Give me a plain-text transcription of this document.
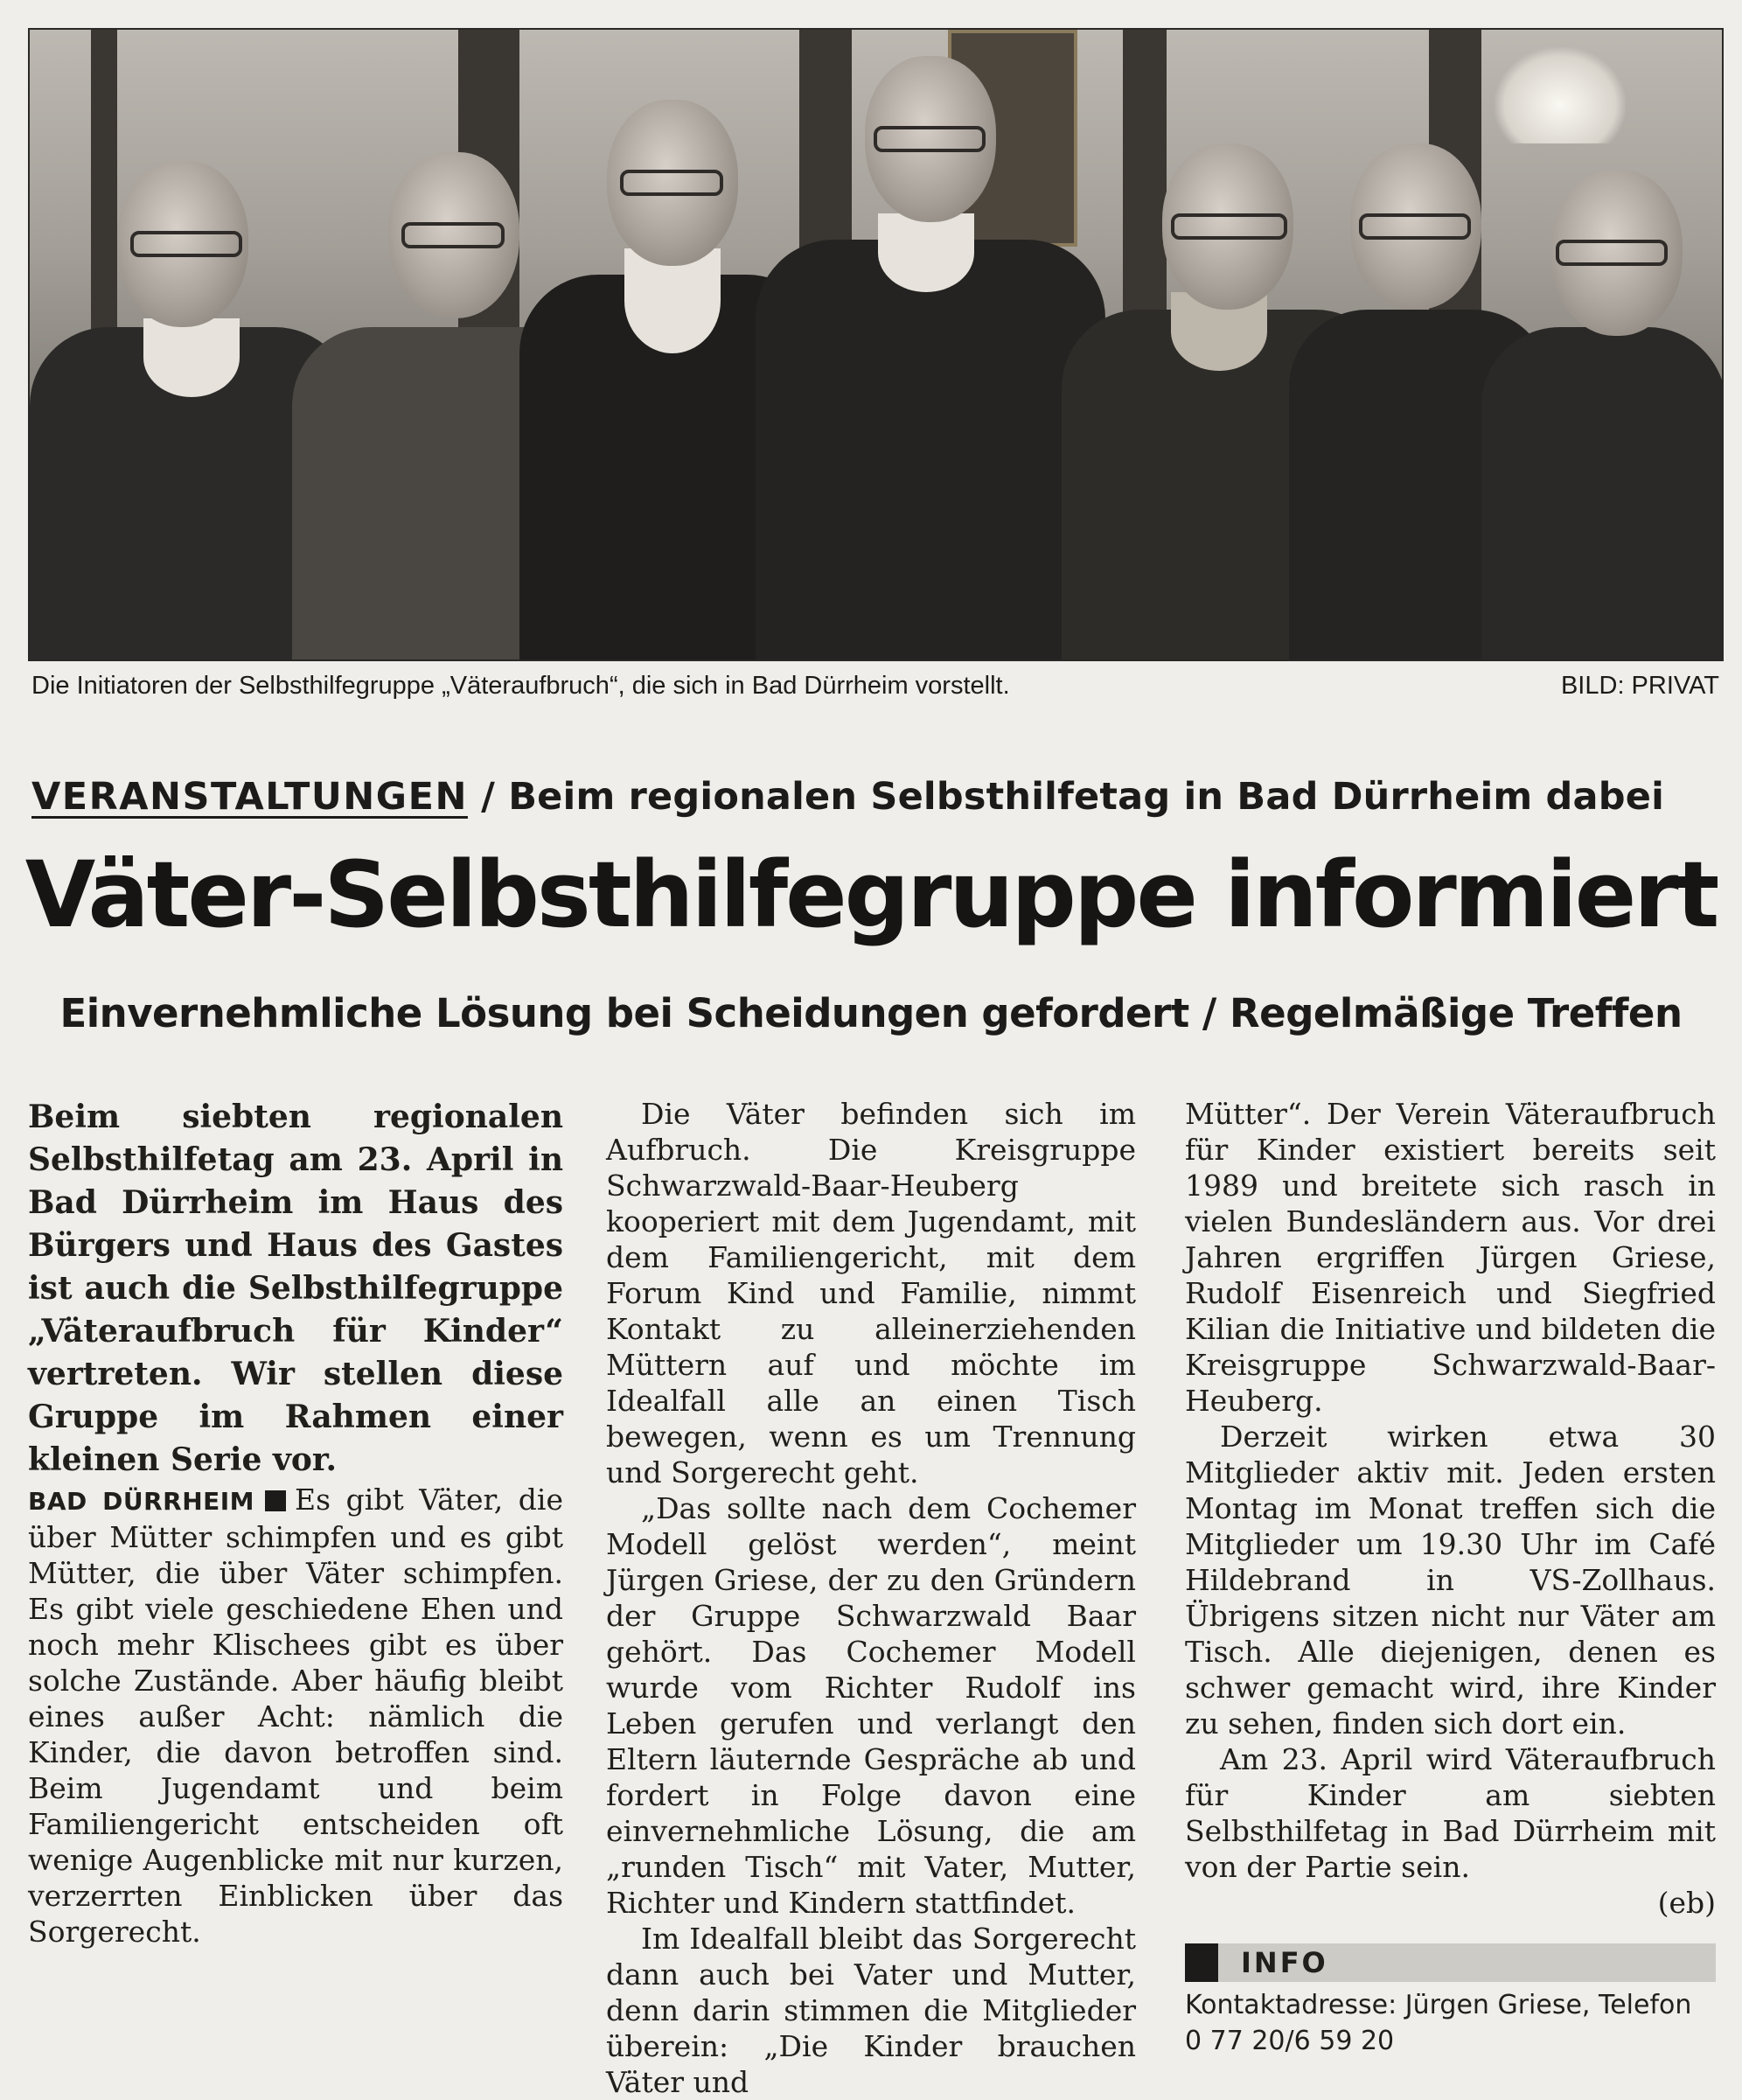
Die Initiatoren der Selbsthilfegruppe „Väteraufbruch“, die sich in Bad Dürrheim vorstellt.	BILD: PRIVAT
VERANSTALTUNGEN / Beim regionalen Selbsthilfetag in Bad Dürrheim dabei
Väter-Selbsthilfegruppe informiert
Einvernehmliche Lösung bei Scheidungen gefordert / Regelmäßige Treffen

Beim siebten regionalen Selbsthilfetag am 23. April in Bad Dürrheim im Haus des Bürgers und Haus des Gastes ist auch die Selbsthilfegruppe „Väteraufbruch für Kinder“ vertreten. Wir stellen diese Gruppe im Rahmen einer kleinen Serie vor.

BAD DÜRRHEIM Es gibt Väter, die über Mütter schimpfen und es gibt Mütter, die über Väter schimpfen. Es gibt viele geschiedene Ehen und noch mehr Klischees gibt es über solche Zustände. Aber häufig bleibt eines außer Acht: nämlich die Kinder, die davon betroffen sind. Beim Jugendamt und beim Familiengericht entscheiden oft wenige Augenblicke mit nur kurzen, verzerrten Einblicken über das Sorgerecht.

Die Väter befinden sich im Aufbruch. Die Kreisgruppe Schwarzwald-Baar-Heuberg kooperiert mit dem Jugendamt, mit dem Familiengericht, mit dem Forum Kind und Familie, nimmt Kontakt zu alleinerziehenden Müttern auf und möchte im Idealfall alle an einen Tisch bewegen, wenn es um Trennung und Sorgerecht geht.

„Das sollte nach dem Cochemer Modell gelöst werden“, meint Jürgen Griese, der zu den Gründern der Gruppe Schwarzwald Baar gehört. Das Cochemer Modell wurde vom Richter Rudolf ins Leben gerufen und verlangt den Eltern läuternde Gespräche ab und fordert in Folge davon eine einvernehmliche Lösung, die am „runden Tisch“ mit Vater, Mutter, Richter und Kindern stattfindet.

Im Idealfall bleibt das Sorgerecht dann auch bei Vater und Mutter, denn darin stimmen die Mitglieder überein: „Die Kinder brauchen Väter und

Mütter“. Der Verein Väteraufbruch für Kinder existiert bereits seit 1989 und breitete sich rasch in vielen Bundesländern aus. Vor drei Jahren ergriffen Jürgen Griese, Rudolf Eisenreich und Siegfried Kilian die Initiative und bildeten die Kreisgruppe Schwarzwald-Baar-Heuberg.

Derzeit wirken etwa 30 Mitglieder aktiv mit. Jeden ersten Montag im Monat treffen sich die Mitglieder um 19.30 Uhr im Café Hildebrand in VS-Zollhaus. Übrigens sitzen nicht nur Väter am Tisch. Alle diejenigen, denen es schwer gemacht wird, ihre Kinder zu sehen, finden sich dort ein.

Am 23. April wird Väteraufbruch für Kinder am siebten Selbsthilfetag in Bad Dürrheim mit von der Partie sein.

(eb)

INFO
Kontaktadresse: Jürgen Griese, Telefon 0 77 20/6 59 20
